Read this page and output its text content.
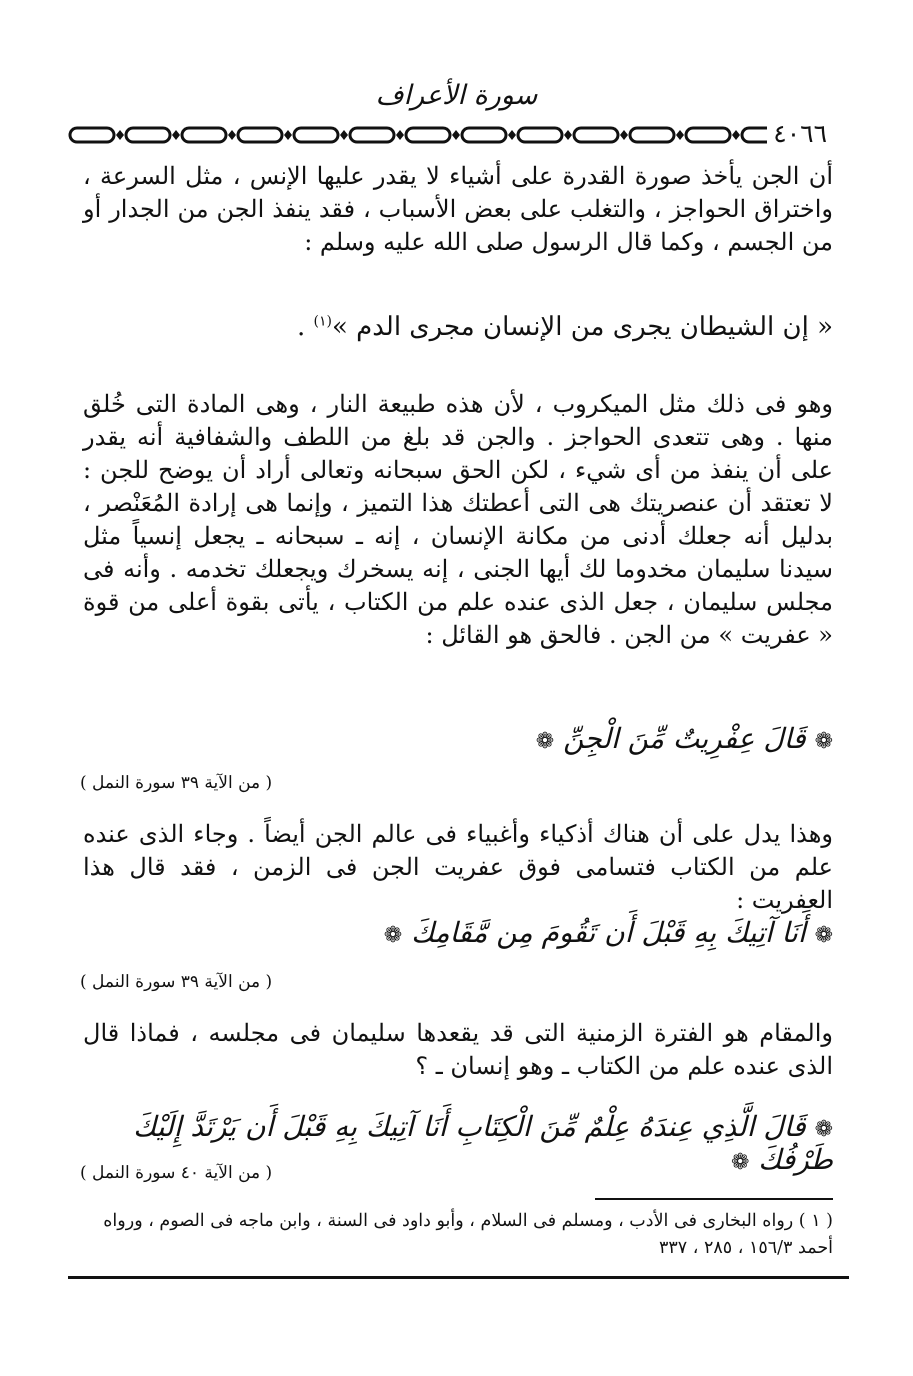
سورة الأعراف
٤٠٦٦

أن الجن يأخذ صورة القدرة على أشياء لا يقدر عليها الإنس ، مثل السرعة ، واختراق الحواجز ، والتغلب على بعض الأسباب ، فقد ينفذ الجن من الجدار أو من الجسم ، وكما قال الرسول صلى الله عليه وسلم :

« إن الشيطان يجرى من الإنسان مجرى الدم »$^{(١)}$ .

وهو فى ذلك مثل الميكروب ، لأن هذه طبيعة النار ، وهى المادة التى خُلق منها . وهى تتعدى الحواجز . والجن قد بلغ من اللطف والشفافية أنه يقدر على أن ينفذ من أى شيء ، لكن الحق سبحانه وتعالى أراد أن يوضح للجن : لا تعتقد أن عنصريتك هى التى أعطتك هذا التميز ، وإنما هى إرادة المُعَنْصر ، بدليل أنه جعلك أدنى من مكانة الإنسان ، إنه ـ سبحانه ـ يجعل إنسياً مثل سيدنا سليمان مخدوما لك أيها الجنى ، إنه يسخرك ويجعلك تخدمه . وأنه فى مجلس سليمان ، جعل الذى عنده علم من الكتاب ، يأتى بقوة أعلى من قوة « عفريت » من الجن . فالحق هو القائل :

❁ قَالَ عِفْرِيتٌ مِّنَ الْجِنِّ ❁
( من الآية ٣٩ سورة النمل )

وهذا يدل على أن هناك أذكياء وأغبياء فى عالم الجن أيضاً . وجاء الذى عنده علم من الكتاب فتسامى فوق عفريت الجن فى الزمن ، فقد قال هذا العفريت :

❁ أَنَا آتِيكَ بِهِ قَبْلَ أَن تَقُومَ مِن مَّقَامِكَ ❁
( من الآية ٣٩ سورة النمل )

والمقام هو الفترة الزمنية التى قد يقعدها سليمان فى مجلسه ، فماذا قال الذى عنده علم من الكتاب ـ وهو إنسان ـ ؟

❁ قَالَ الَّذِي عِندَهُ عِلْمٌ مِّنَ الْكِتَابِ أَنَا آتِيكَ بِهِ قَبْلَ أَن يَرْتَدَّ إِلَيْكَ طَرْفُكَ ❁
( من الآية ٤٠ سورة النمل )
( ١ ) رواه البخارى فى الأدب ، ومسلم فى السلام ، وأبو داود فى السنة ، وابن ماجه فى الصوم ، ورواه أحمد ١٥٦/٣ ، ٢٨٥ ، ٣٣٧
